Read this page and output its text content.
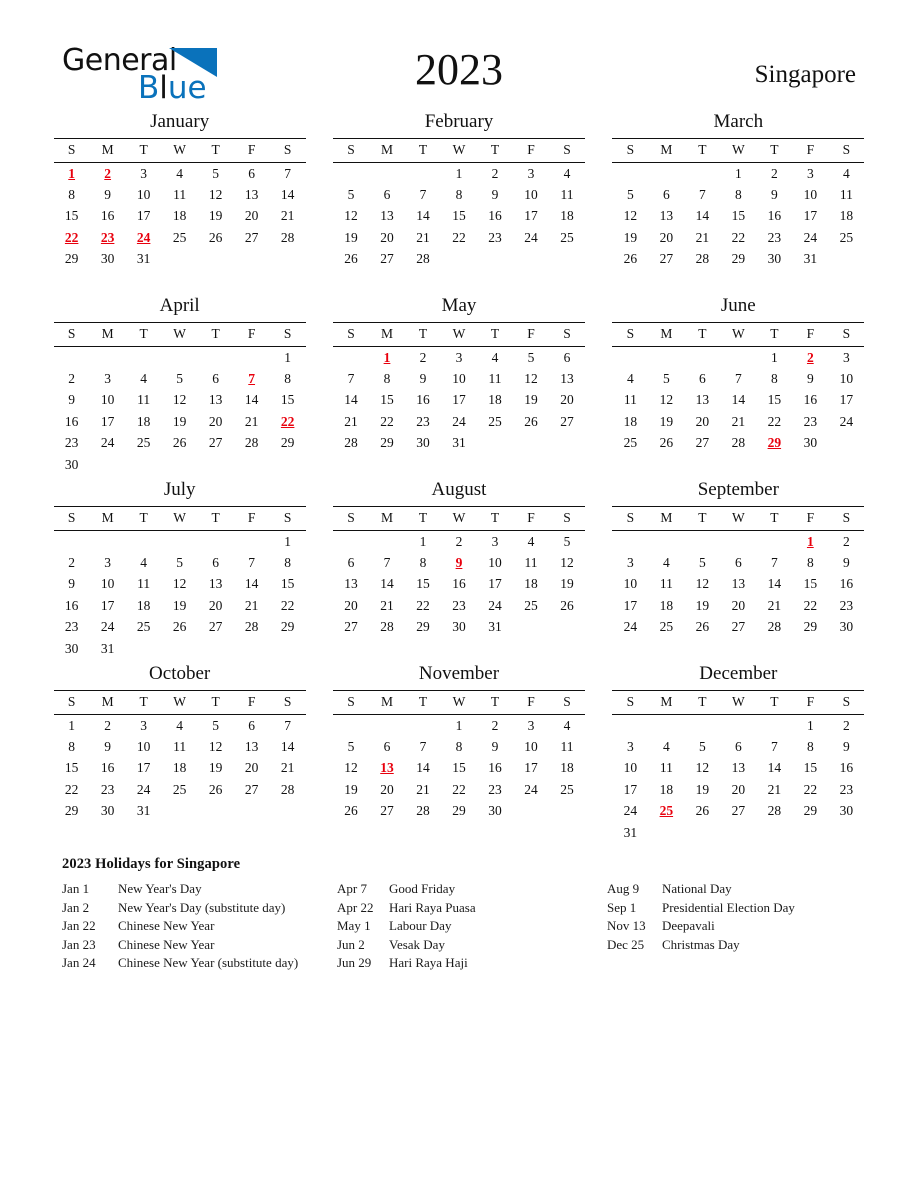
General
Blue	2023	Singapore
January
S	M	T	W	T	F	S
1	2	3	4	5	6	7
8	9	10	11	12	13	14
15	16	17	18	19	20	21
22	23	24	25	26	27	28
29	30	31				

February
S	M	T	W	T	F	S
			1	2	3	4
5	6	7	8	9	10	11
12	13	14	15	16	17	18
19	20	21	22	23	24	25
26	27	28				

March
S	M	T	W	T	F	S
			1	2	3	4
5	6	7	8	9	10	11
12	13	14	15	16	17	18
19	20	21	22	23	24	25
26	27	28	29	30	31	

April
S	M	T	W	T	F	S
						1
2	3	4	5	6	7	8
9	10	11	12	13	14	15
16	17	18	19	20	21	22
23	24	25	26	27	28	29
30						
May
S	M	T	W	T	F	S
	1	2	3	4	5	6
7	8	9	10	11	12	13
14	15	16	17	18	19	20
21	22	23	24	25	26	27
28	29	30	31			

June
S	M	T	W	T	F	S
				1	2	3
4	5	6	7	8	9	10
11	12	13	14	15	16	17
18	19	20	21	22	23	24
25	26	27	28	29	30	

July
S	M	T	W	T	F	S
						1
2	3	4	5	6	7	8
9	10	11	12	13	14	15
16	17	18	19	20	21	22
23	24	25	26	27	28	29
30	31					
August
S	M	T	W	T	F	S
		1	2	3	4	5
6	7	8	9	10	11	12
13	14	15	16	17	18	19
20	21	22	23	24	25	26
27	28	29	30	31		

September
S	M	T	W	T	F	S
					1	2
3	4	5	6	7	8	9
10	11	12	13	14	15	16
17	18	19	20	21	22	23
24	25	26	27	28	29	30

October
S	M	T	W	T	F	S
1	2	3	4	5	6	7
8	9	10	11	12	13	14
15	16	17	18	19	20	21
22	23	24	25	26	27	28
29	30	31				

November
S	M	T	W	T	F	S
			1	2	3	4
5	6	7	8	9	10	11
12	13	14	15	16	17	18
19	20	21	22	23	24	25
26	27	28	29	30		

December
S	M	T	W	T	F	S
					1	2
3	4	5	6	7	8	9
10	11	12	13	14	15	16
17	18	19	20	21	22	23
24	25	26	27	28	29	30
31						
2023 Holidays for Singapore
Jan 1	New Year's Day
Jan 2	New Year's Day (substitute day)
Jan 22	Chinese New Year
Jan 23	Chinese New Year
Jan 24	Chinese New Year (substitute day)
Apr 7	Good Friday
Apr 22	Hari Raya Puasa
May 1	Labour Day
Jun 2	Vesak Day
Jun 29	Hari Raya Haji
Aug 9	National Day
Sep 1	Presidential Election Day
Nov 13	Deepavali
Dec 25	Christmas Day
